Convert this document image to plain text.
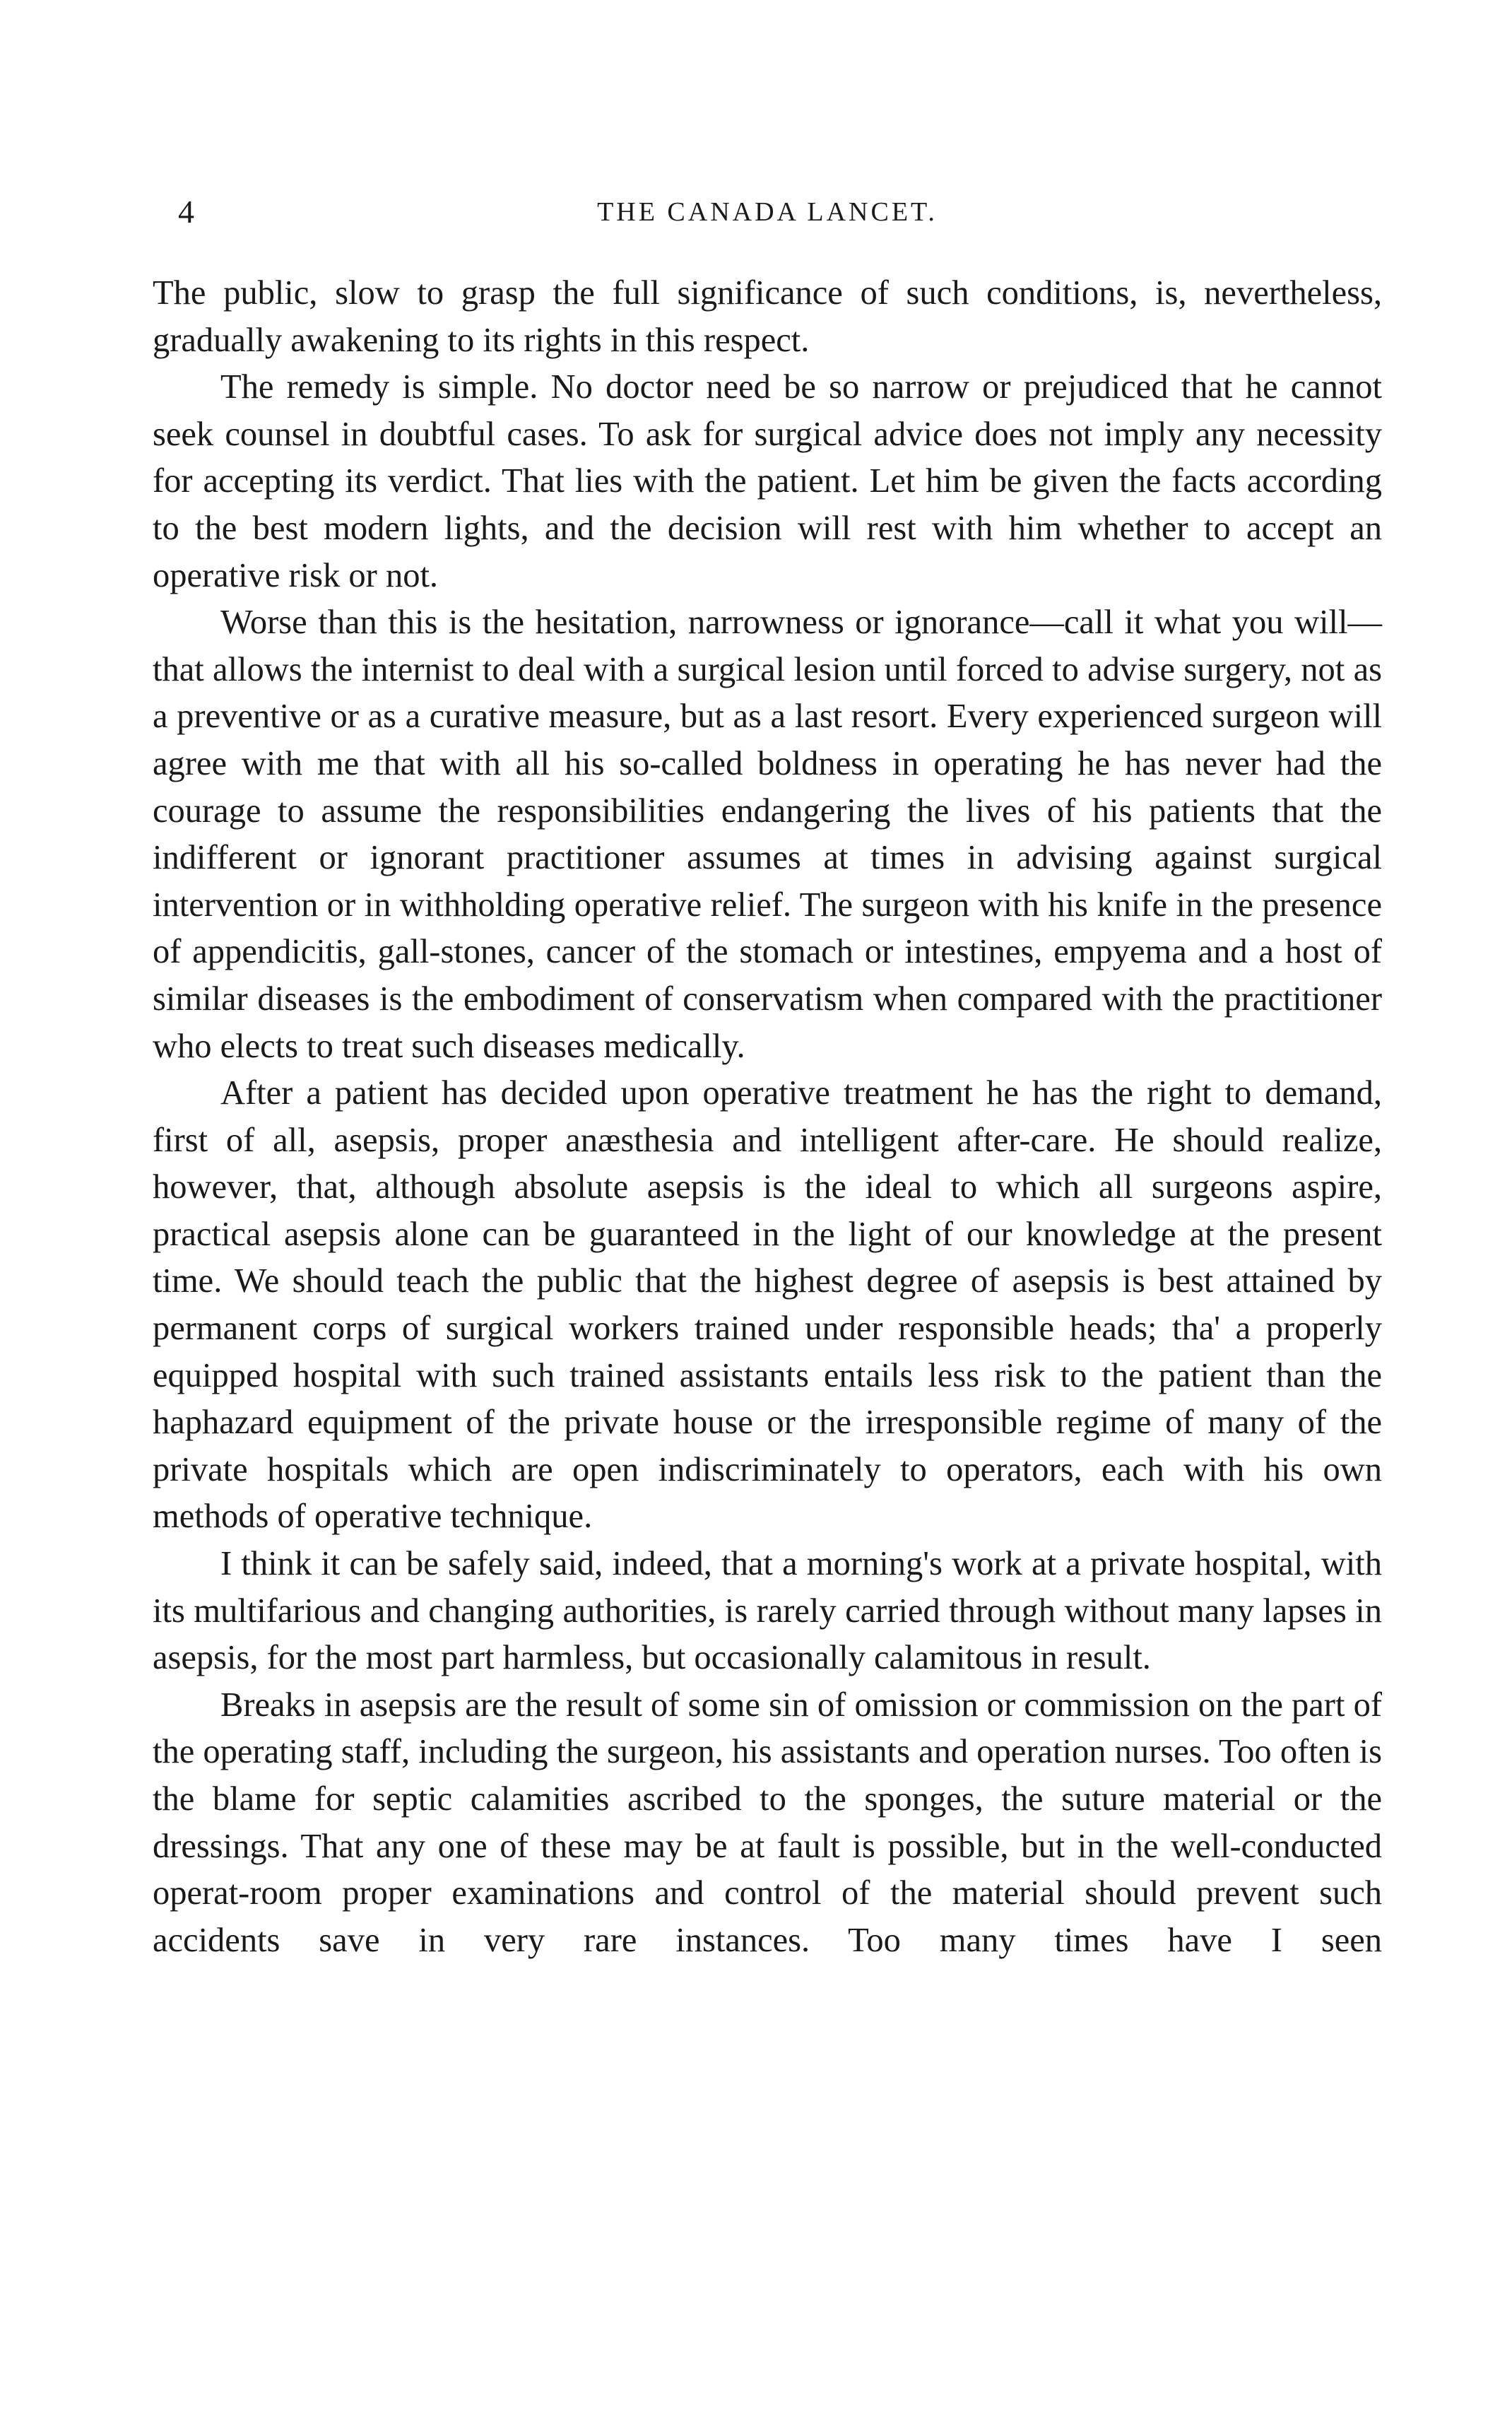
4	THE CANADA LANCET.

The public, slow to grasp the full significance of such conditions, is, nevertheless, gradually awakening to its rights in this respect.

The remedy is simple. No doctor need be so narrow or prejudiced that he cannot seek counsel in doubtful cases. To ask for surgical advice does not imply any necessity for accepting its verdict. That lies with the patient. Let him be given the facts according to the best modern lights, and the decision will rest with him whether to accept an operative risk or not.

Worse than this is the hesitation, narrowness or ignorance—call it what you will—that allows the internist to deal with a surgical lesion until forced to advise surgery, not as a preventive or as a curative measure, but as a last resort. Every experienced surgeon will agree with me that with all his so-called boldness in operating he has never had the courage to assume the responsibilities endangering the lives of his patients that the indifferent or ignorant practitioner assumes at times in advising against surgical intervention or in withholding operative relief. The surgeon with his knife in the presence of appendicitis, gall-stones, cancer of the stomach or intestines, empyema and a host of similar diseases is the embodiment of conservatism when compared with the practitioner who elects to treat such diseases medically.

After a patient has decided upon operative treatment he has the right to demand, first of all, asepsis, proper anæsthesia and intelligent after-care. He should realize, however, that, although absolute asepsis is the ideal to which all surgeons aspire, practical asepsis alone can be guaranteed in the light of our knowledge at the present time. We should teach the public that the highest degree of asepsis is best attained by permanent corps of surgical workers trained under responsible heads; tha' a properly equipped hospital with such trained assistants entails less risk to the patient than the haphazard equipment of the private house or the irresponsible regime of many of the private hospitals which are open indiscriminately to operators, each with his own methods of operative technique.

I think it can be safely said, indeed, that a morning's work at a private hospital, with its multifarious and changing authorities, is rarely carried through without many lapses in asepsis, for the most part harmless, but occasionally calamitous in result.

Breaks in asepsis are the result of some sin of omission or commission on the part of the operating staff, including the surgeon, his assistants and operation nurses. Too often is the blame for septic calamities ascribed to the sponges, the suture material or the dressings. That any one of these may be at fault is possible, but in the well-conducted operat-room proper examinations and control of the material should prevent such accidents save in very rare instances. Too many times have I seen
